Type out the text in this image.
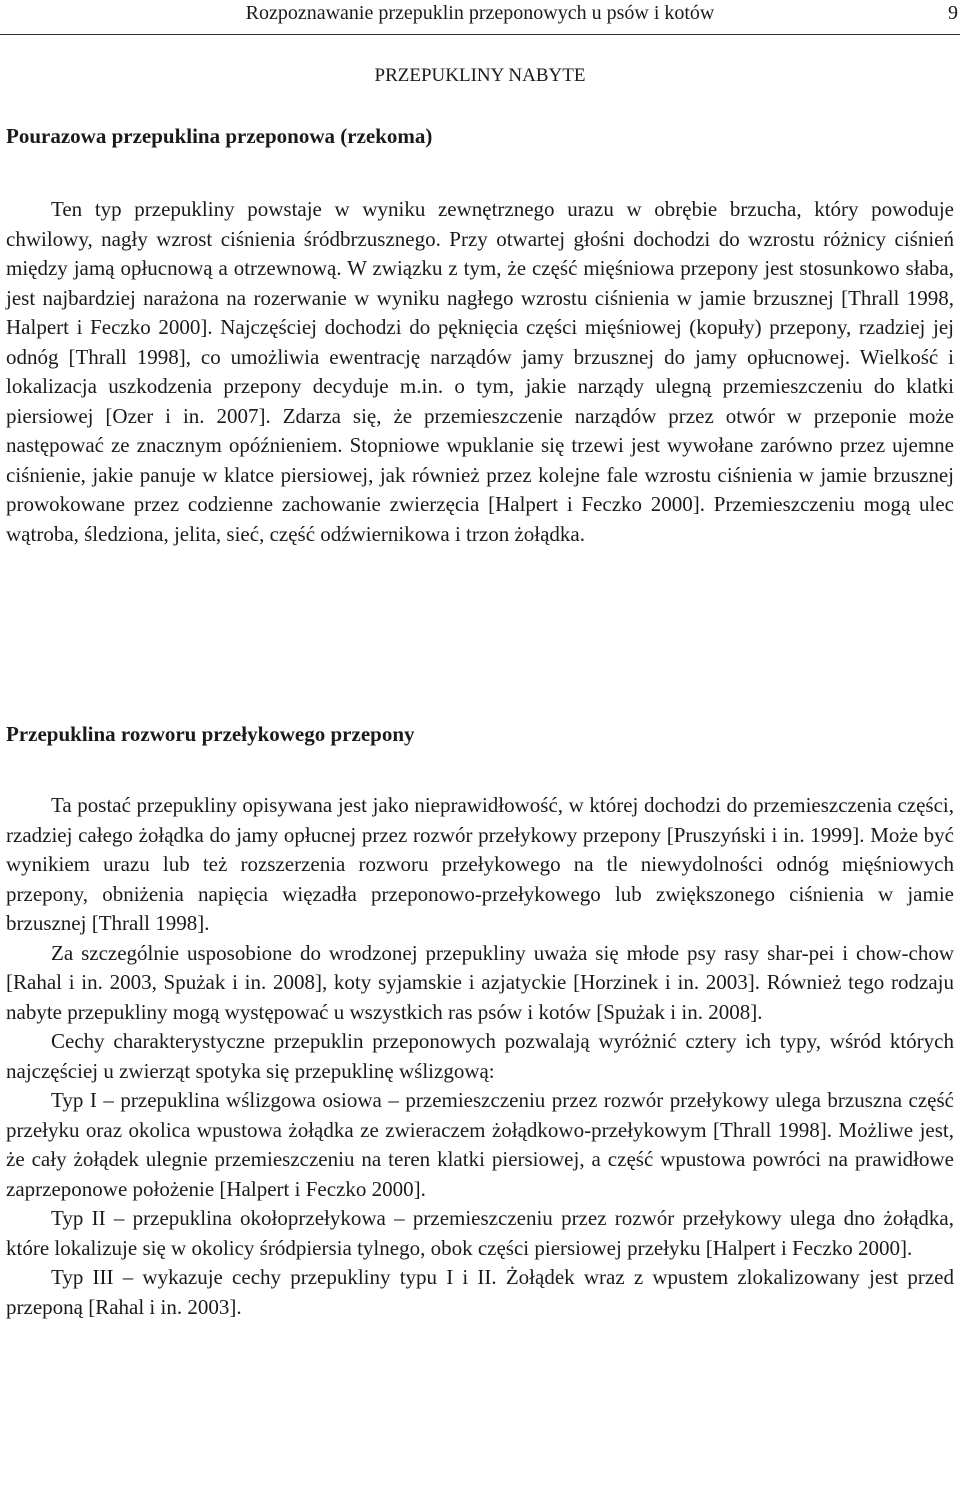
Rozpoznawanie przepuklin przeponowych u psów i kotów	9
PRZEPUKLINY NABYTE
Pourazowa przepuklina przeponowa (rzekoma)

Ten typ przepukliny powstaje w wyniku zewnętrznego urazu w obrębie brzucha, który powoduje chwilowy, nagły wzrost ciśnienia śródbrzusznego. Przy otwartej głośni dochodzi do wzrostu różnicy ciśnień między jamą opłucnową a otrzewnową. W związku z tym, że część mięśniowa przepony jest stosunkowo słaba, jest najbardziej narażona na rozerwanie w wyniku nagłego wzrostu ciśnienia w jamie brzusznej [Thrall 1998, Halpert i Feczko 2000]. Najczęściej dochodzi do pęknięcia części mięśniowej (kopuły) przepony, rzadziej jej odnóg [Thrall 1998], co umożliwia ewentrację narządów jamy brzusznej do jamy opłucnowej. Wielkość i lokalizacja uszkodzenia przepony decyduje m.in. o tym, jakie narządy ulegną przemieszczeniu do klatki piersiowej [Ozer i in. 2007]. Zdarza się, że przemieszczenie narządów przez otwór w przeponie może następować ze znacznym opóźnieniem. Stopniowe wpuklanie się trzewi jest wywołane zarówno przez ujemne ciśnienie, jakie panuje w klatce piersiowej, jak również przez kolejne fale wzrostu ciśnienia w jamie brzusznej prowokowane przez codzienne zachowanie zwierzęcia [Halpert i Feczko 2000]. Przemieszczeniu mogą ulec wątroba, śledziona, jelita, sieć, część odźwiernikowa i trzon żołądka.

Przepuklina rozworu przełykowego przepony

Ta postać przepukliny opisywana jest jako nieprawidłowość, w której dochodzi do przemieszczenia części, rzadziej całego żołądka do jamy opłucnej przez rozwór przełykowy przepony [Pruszyński i in. 1999]. Może być wynikiem urazu lub też rozszerzenia rozworu przełykowego na tle niewydolności odnóg mięśniowych przepony, obniżenia napięcia więzadła przeponowo-przełykowego lub zwiększonego ciśnienia w jamie brzusznej [Thrall 1998].

Za szczególnie usposobione do wrodzonej przepukliny uważa się młode psy rasy shar-pei i chow-chow [Rahal i in. 2003, Spużak i in. 2008], koty syjamskie i azjatyckie [Horzinek i in. 2003]. Również tego rodzaju nabyte przepukliny mogą występować u wszystkich ras psów i kotów [Spużak i in. 2008].

Cechy charakterystyczne przepuklin przeponowych pozwalają wyróżnić cztery ich typy, wśród których najczęściej u zwierząt spotyka się przepuklinę wślizgową:

Typ I – przepuklina wślizgowa osiowa – przemieszczeniu przez rozwór przełykowy ulega brzuszna część przełyku oraz okolica wpustowa żołądka ze zwieraczem żołądkowo-przełykowym [Thrall 1998]. Możliwe jest, że cały żołądek ulegnie przemieszczeniu na teren klatki piersiowej, a część wpustowa powróci na prawidłowe zaprzeponowe położenie [Halpert i Feczko 2000].

Typ II – przepuklina okołoprzełykowa – przemieszczeniu przez rozwór przełykowy ulega dno żołądka, które lokalizuje się w okolicy śródpiersia tylnego, obok części piersiowej przełyku [Halpert i Feczko 2000].

Typ III – wykazuje cechy przepukliny typu I i II. Żołądek wraz z wpustem zlokalizowany jest przed przeponą [Rahal i in. 2003].
